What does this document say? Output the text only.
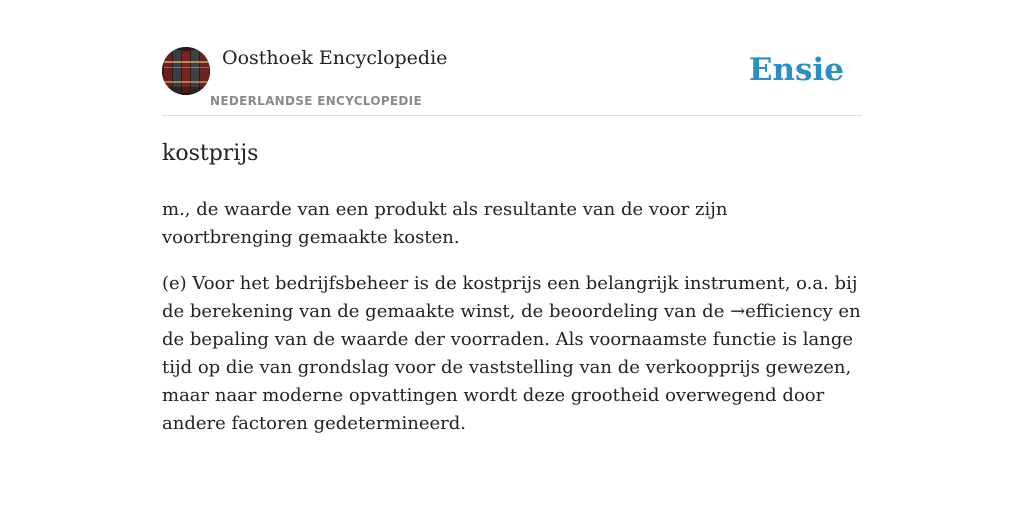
Oosthoek Encyclopedie
NEDERLANDSE ENCYCLOPEDIE
Ensie
kostprijs

m., de waarde van een produkt als resultante van de voor zijn voortbrenging gemaakte kosten.

(e) Voor het bedrijfsbeheer is de kostprijs een belangrijk instrument, o.a. bij de berekening van de gemaakte winst, de beoordeling van de →efficiency en de bepaling van de waarde der voorraden. Als voornaamste functie is lange tijd op die van grondslag voor de vaststelling van de verkoopprijs gewezen, maar naar moderne opvattingen wordt deze grootheid overwegend door andere factoren gedetermineerd.
